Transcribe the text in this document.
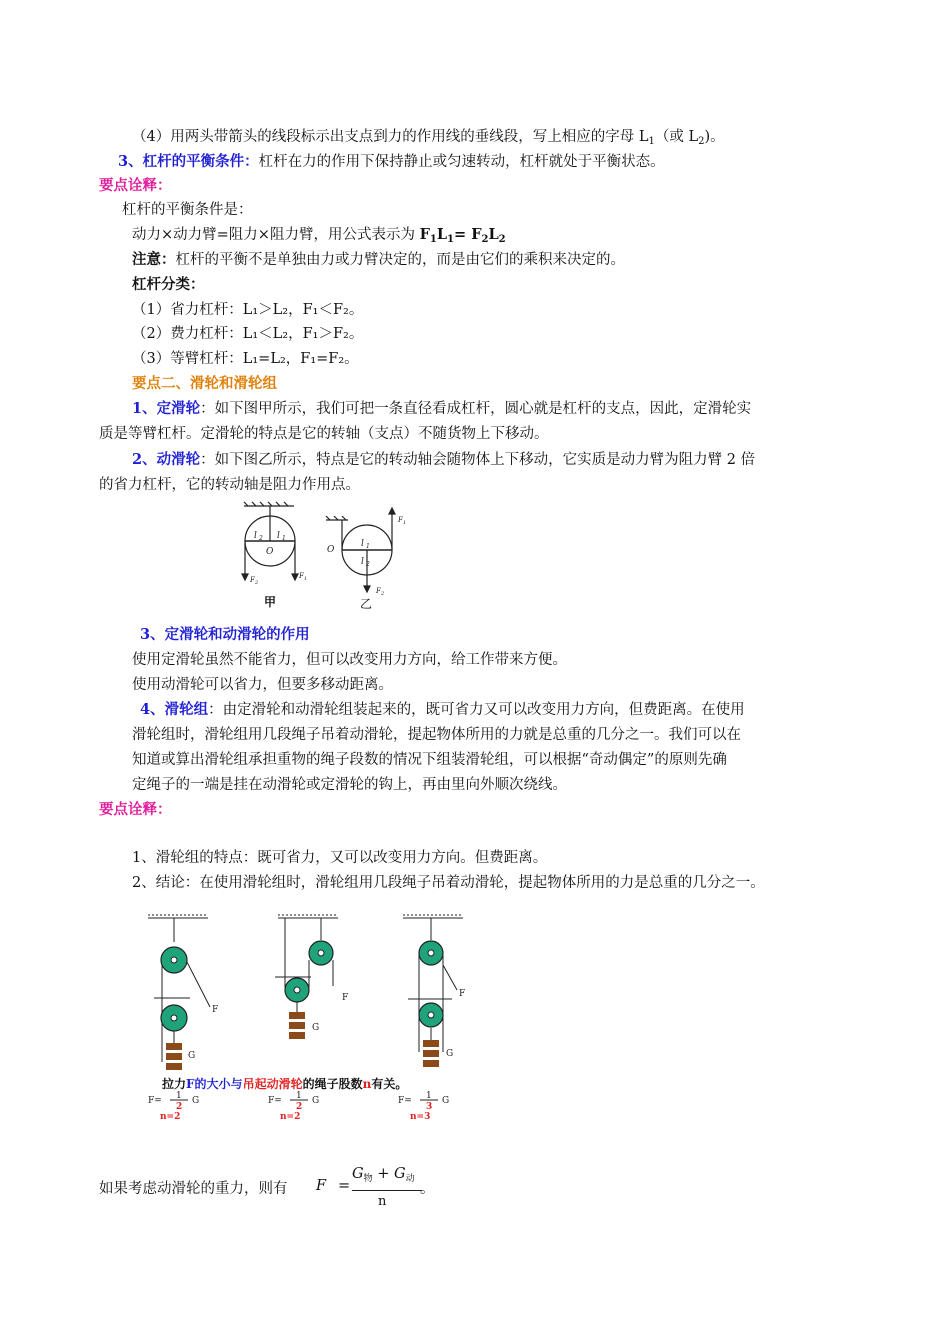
（4）用两头带箭头的线段标示出支点到力的作用线的垂线段，写上相应的字母 $L_1$（或 $L_2$)。
3、杠杆的平衡条件：杠杆在力的作用下保持静止或匀速转动，杠杆就处于平衡状态。
要点诠释：
杠杆的平衡条件是：
动力×动力臂=阻力×阻力臂，用公式表示为 $F_1L_1= F_2L_2$
注意：杠杆的平衡不是单独由力或力臂决定的，而是由它们的乘积来决定的。
杠杆分类：
（1）省力杠杆：L₁＞L₂，F₁＜F₂。
（2）费力杠杆：L₁＜L₂，F₁＞F₂。
（3）等臂杠杆：L₁=L₂，F₁=F₂。
要点二、滑轮和滑轮组
1、定滑轮：如下图甲所示，我们可把一条直径看成杠杆，圆心就是杠杆的支点，因此，定滑轮实
质是等臂杠杆。定滑轮的特点是它的转轴（支点）不随货物上下移动。
2、动滑轮：如下图乙所示，特点是它的转动轴会随物体上下移动，它实质是动力臂为阻力臂 2 倍
的省力杠杆，它的转动轴是阻力作用点。
l 2 l 1
O
F 2
F 1
O
l 1
l 2
F 1
F 2
甲	乙
3、定滑轮和动滑轮的作用
使用定滑轮虽然不能省力，但可以改变用力方向，给工作带来方便。
使用动滑轮可以省力，但要多移动距离。
4、滑轮组：由定滑轮和动滑轮组装起来的，既可省力又可以改变用力方向，但费距离。在使用
滑轮组时，滑轮组用几段绳子吊着动滑轮，提起物体所用的力就是总重的几分之一。我们可以在
知道或算出滑轮组承担重物的绳子段数的情况下组装滑轮组，可以根据“奇动偶定”的原则先确
定绳子的一端是挂在动滑轮或定滑轮的钩上，再由里向外顺次绕线。
要点诠释：
1、滑轮组的特点：既可省力，又可以改变用力方向。但费距离。
2、结论：在使用滑轮组时，滑轮组用几段绳子吊着动滑轮，提起物体所用的力是总重的几分之一。
F
G
F
G
F
G
拉力F的大小与吊起动滑轮的绳子股数n有关。
F= 1
2
G
n=2
F= 1
2
G
n=2
F= 1
3
G
n=3
如果考虑动滑轮的重力，则有 F =
$G_物 + G_动$
n
。
